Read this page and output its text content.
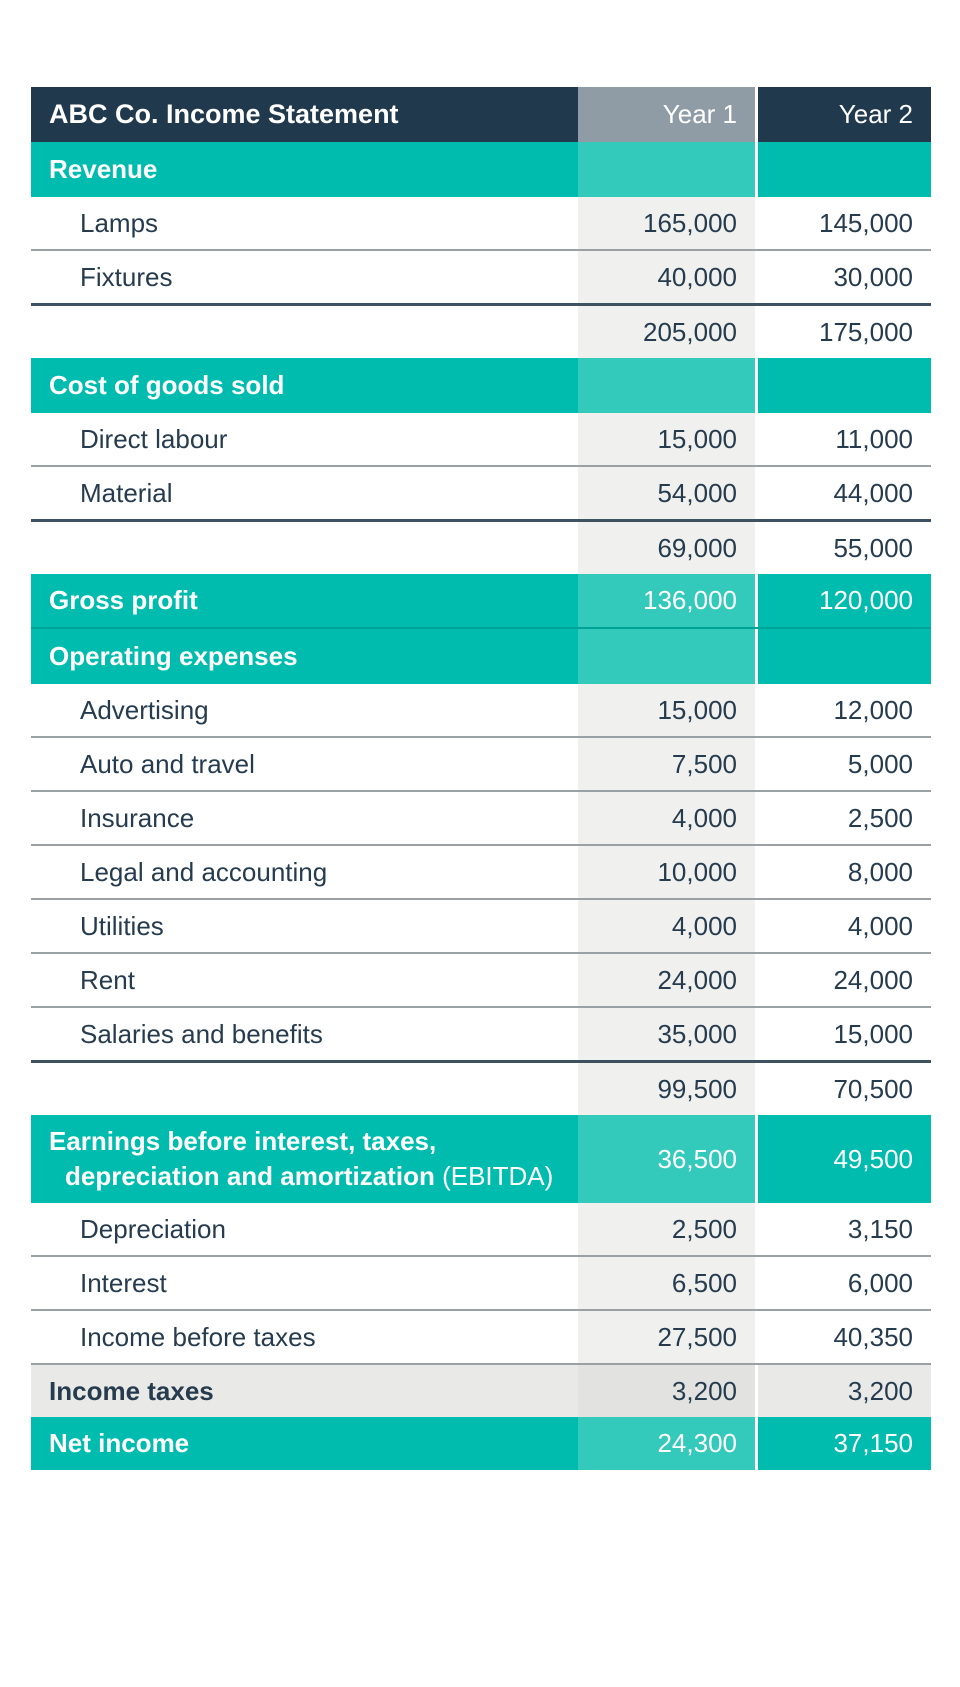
ABC Co. Income Statement	Year 1	Year 2
Revenue
Lamps	165,000	145,000
Fixtures	40,000	30,000
205,000	175,000
Cost of goods sold
Direct labour	15,000	11,000
Material	54,000	44,000
69,000	55,000
Gross profit	136,000	120,000
Operating expenses
Advertising	15,000	12,000
Auto and travel	7,500	5,000
Insurance	4,000	2,500
Legal and accounting	10,000	8,000
Utilities	4,000	4,000
Rent	24,000	24,000
Salaries and benefits	35,000	15,000
99,500	70,500
Earnings before interest, taxes,
depreciation and amortization (EBITDA)
36,500	49,500
Depreciation	2,500	3,150
Interest	6,500	6,000
Income before taxes	27,500	40,350
Income taxes	3,200	3,200
Net income	24,300	37,150
